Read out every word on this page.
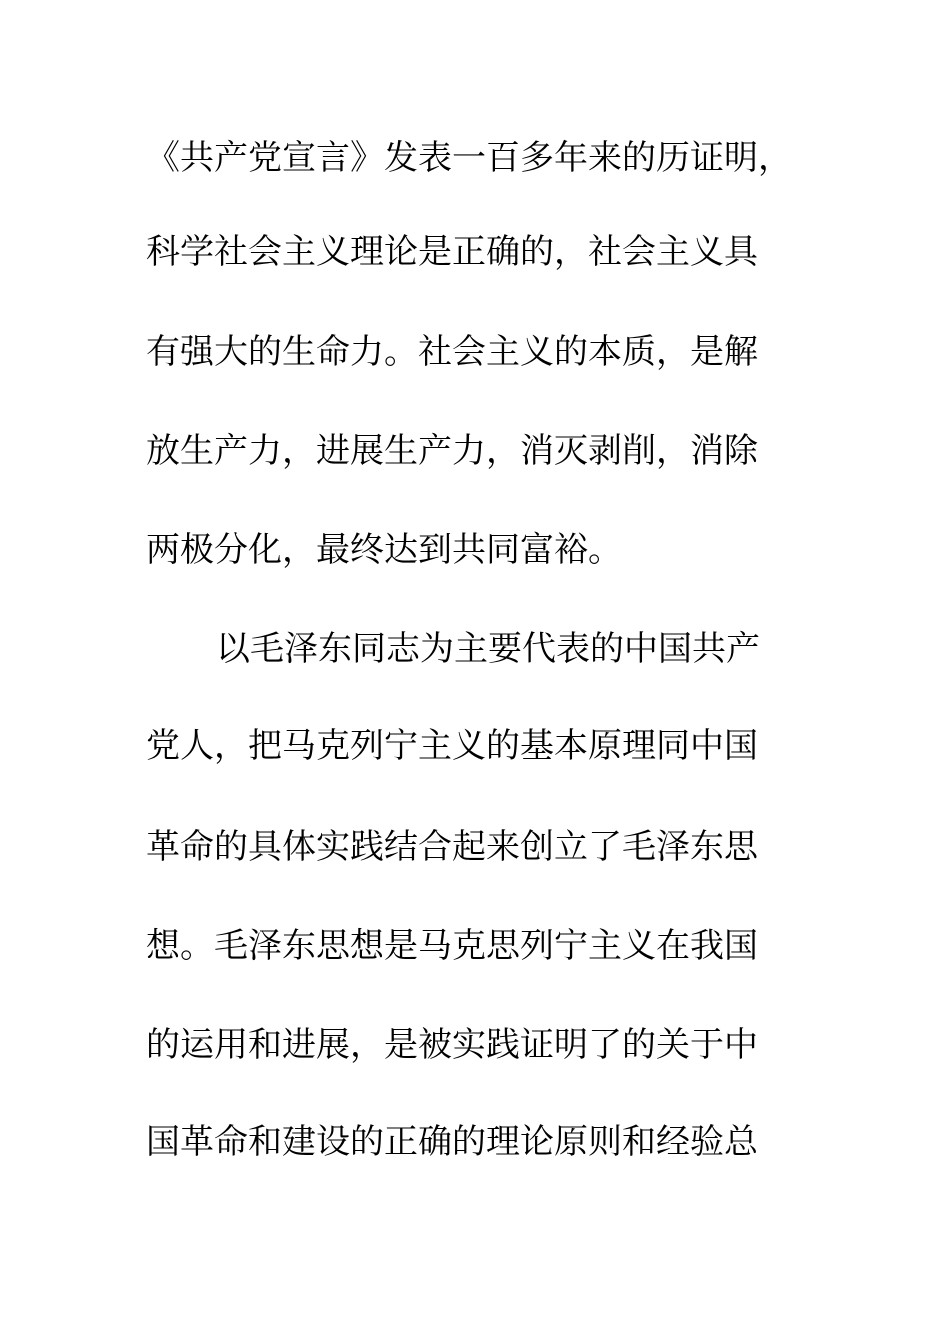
《共产党宣言》发表一百多年来的历证明，
科学社会主义理论是正确的，社会主义具
有强大的生命力。社会主义的本质，是解
放生产力，进展生产力，消灭剥削，消除
两极分化，最终达到共同富裕。
以毛泽东同志为主要代表的中国共产
党人，把马克列宁主义的基本原理同中国
革命的具体实践结合起来创立了毛泽东思
想。毛泽东思想是马克思列宁主义在我国
的运用和进展，是被实践证明了的关于中
国革命和建设的正确的理论原则和经验总
